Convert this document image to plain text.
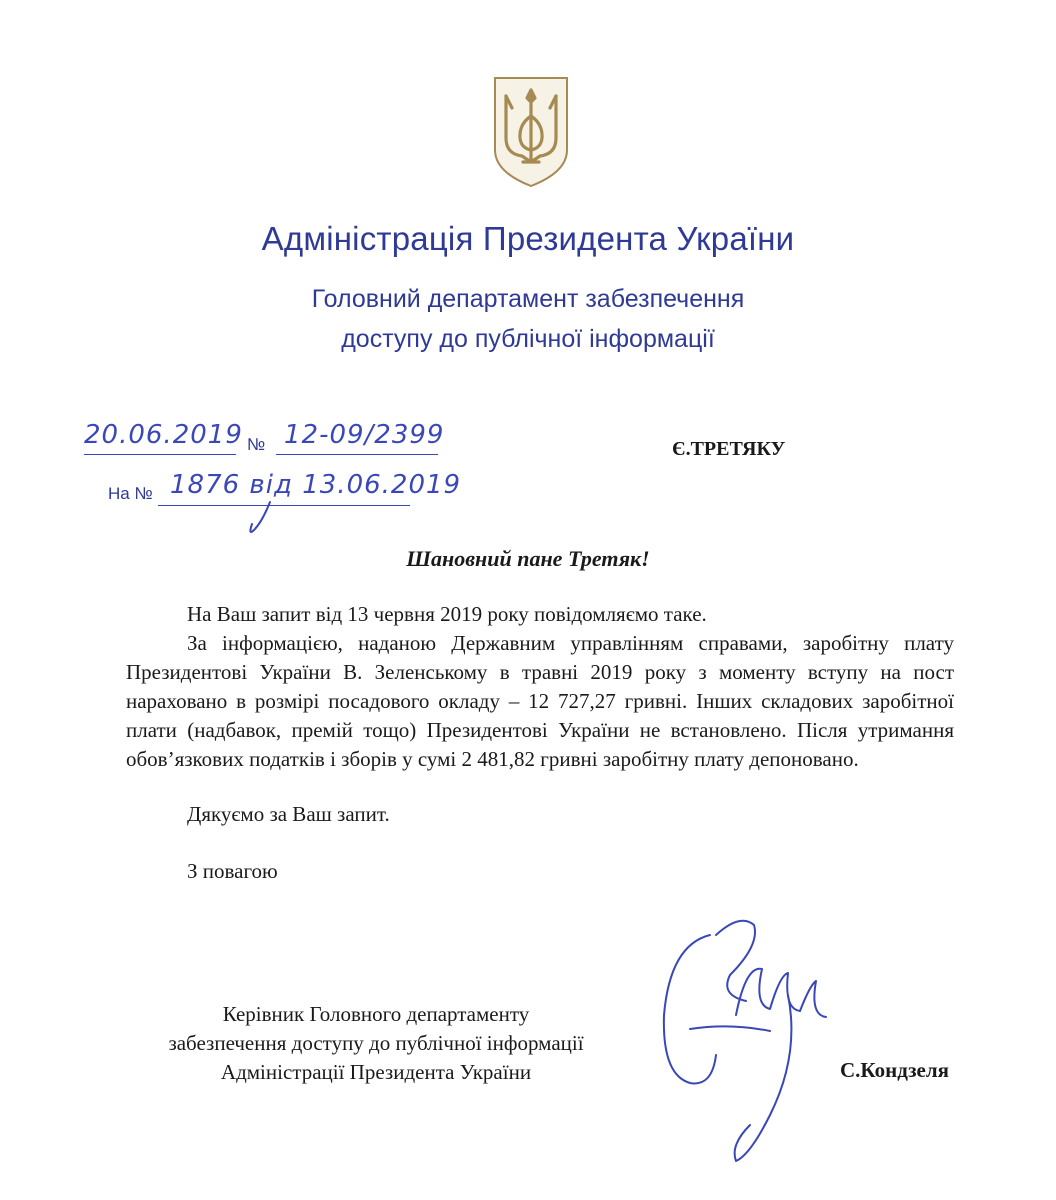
Адміністрація Президента України
Головний департамент забезпечення
доступу до публічної інформації
20.06.2019 № 12-09/2399
На № 1876 від 13.06.2019
Є.ТРЕТЯКУ
Шановний пане Третяк!
На Ваш запит від 13 червня 2019 року повідомляємо таке.
За інформацією, наданою Державним управлінням справами, заробітну плату Президентові України В. Зеленському в травні 2019 року з моменту вступу на пост нараховано в розмірі посадового окладу – 12 727,27 гривні. Інших складових заробітної плати (надбавок, премій тощо) Президентові України не встановлено. Після утримання обов’язкових податків і зборів у сумі 2 481,82 гривні заробітну плату депоновано.
Дякуємо за Ваш запит.
З повагою
Керівник Головного департаменту
забезпечення доступу до публічної інформації
Адміністрації Президента України	С.Кондзеля
